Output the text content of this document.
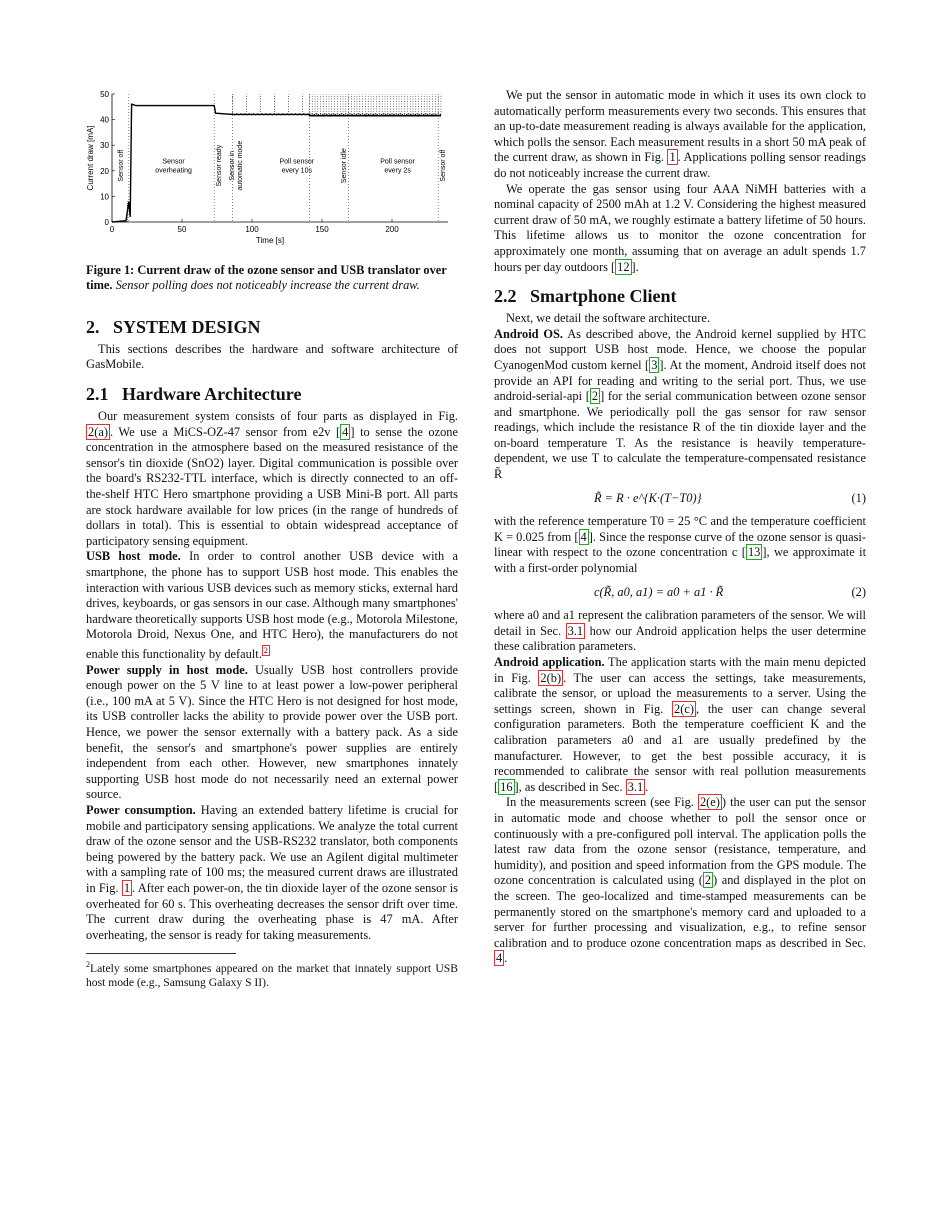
0	50	100	150	200
0
10
20
30
40
50
Time [s]
Current draw [mA]	Sensor off	Sensor overheating	Sensor ready Sensor inautomatic mode	Poll sensor every 10s	Sensor idle	Poll sensor every 2s	Sensor off
Figure 1: Current draw of the ozone sensor and USB translator over time. Sensor polling does not noticeably increase the current draw.
2. SYSTEM DESIGN

This sections describes the hardware and software architecture of GasMobile.

2.1 Hardware Architecture

Our measurement system consists of four parts as displayed in Fig. 2(a) . We use a MiCS-OZ-47 sensor from e2v [ 4 ] to sense the ozone concentration in the atmosphere based on the measured resistance of the sensor's tin dioxide (SnO2) layer. Digital communication is possible over the board's RS232-TTL interface, which is directly connected to an off-the-shelf HTC Hero smartphone providing a USB Mini-B port. All parts are stock hardware available for low prices (in the range of hundreds of dollars in total). This is essential to obtain widespread acceptance of participatory sensing equipment.

USB host mode. In order to control another USB device with a smartphone, the phone has to support USB host mode. This enables the interaction with various USB devices such as memory sticks, external hard drives, keyboards, or gas sensors in our case. Although many smartphones' hardware theoretically supports USB host mode (e.g., Motorola Milestone, Motorola Droid, Nexus One, and HTC Hero), the manufacturers do not enable this functionality by default. $^2$

Power supply in host mode. Usually USB host controllers provide enough power on the 5 V line to at least power a low-power peripheral (i.e., 100 mA at 5 V). Since the HTC Hero is not designed for host mode, its USB controller lacks the ability to provide power over the USB port. Hence, we power the sensor externally with a battery pack. As a side benefit, the sensor's and smartphone's power supplies are entirely independent from each other. However, new smartphones innately supporting USB host mode do not necessarily need an external power source.

Power consumption. Having an extended battery lifetime is crucial for mobile and participatory sensing applications. We analyze the total current draw of the ozone sensor and the USB-RS232 translator, both components being powered by the battery pack. We use an Agilent digital multimeter with a sampling rate of 100 ms; the measured current draws are illustrated in Fig. 1 . After each power-on, the tin dioxide layer of the ozone sensor is overheated for 60 s. This overheating decreases the sensor drift over time. The current draw during the overheating phase is 47 mA. After overheating, the sensor is ready for taking measurements.

$^2$Lately some smartphones appeared on the market that innately support USB host mode (e.g., Samsung Galaxy S II).

We put the sensor in automatic mode in which it uses its own clock to automatically perform measurements every two seconds. This ensures that an up-to-date measurement reading is always available for the application, which polls the sensor. Each measurement results in a short 50 mA peak of the current draw, as shown in Fig. 1 . Applications polling sensor readings do not noticeably increase the current draw.

We operate the gas sensor using four AAA NiMH batteries with a nominal capacity of 2500 mAh at 1.2 V. Considering the highest measured current draw of 50 mA, we roughly estimate a battery lifetime of 50 hours. This lifetime allows us to monitor the ozone concentration for approximately one month, assuming that on average an adult spends 1.7 hours per day outdoors [ 12 ].

2.2 Smartphone Client

Next, we detail the software architecture.

Android OS. As described above, the Android kernel supplied by HTC does not support USB host mode. Hence, we choose the popular CyanogenMod custom kernel [ 3 ]. At the moment, Android itself does not provide an API for reading and writing to the serial port. Thus, we use android-serial-api [ 2 ] for the serial communication between ozone sensor and smartphone. We periodically poll the gas sensor for raw sensor readings, which include the resistance R of the tin dioxide layer and the on-board temperature T. As the resistance is heavily temperature-dependent, we use T to calculate the temperature-compensated resistance R̃

R̃ = R · e^{K·(T−T0)}	(1)

with the reference temperature T0 = 25 °C and the temperature coefficient K = 0.025 from [ 4 ]. Since the response curve of the ozone sensor is quasi-linear with respect to the ozone concentration c [ 13 ], we approximate it with a first-order polynomial

c(R̃, a0, a1) = a0 + a1 · R̃	(2)

where a0 and a1 represent the calibration parameters of the sensor. We will detail in Sec. 3.1 how our Android application helps the user determine these calibration parameters.

Android application. The application starts with the main menu depicted in Fig. 2(b) . The user can access the settings, take measurements, calibrate the sensor, or upload the measurements to a server. Using the settings screen, shown in Fig. 2(c) , the user can change several configuration parameters. Both the temperature coefficient K and the calibration parameters a0 and a1 are usually predefined by the manufacturer. However, to get the best possible accuracy, it is recommended to calibrate the sensor with real pollution measurements [ 16 ], as described in Sec. 3.1 .

In the measurements screen (see Fig. 2(e) ) the user can put the sensor in automatic mode and choose whether to poll the sensor once or continuously with a pre-configured poll interval. The application polls the latest raw data from the ozone sensor (resistance, temperature, and humidity), and position and speed information from the GPS module. The ozone concentration is calculated using ( 2 ) and displayed in the plot on the screen. The geo-localized and time-stamped measurements can be permanently stored on the smartphone's memory card and uploaded to a server for further processing and visualization, e.g., to refine sensor calibration and to produce ozone concentration maps as described in Sec. 4 .
